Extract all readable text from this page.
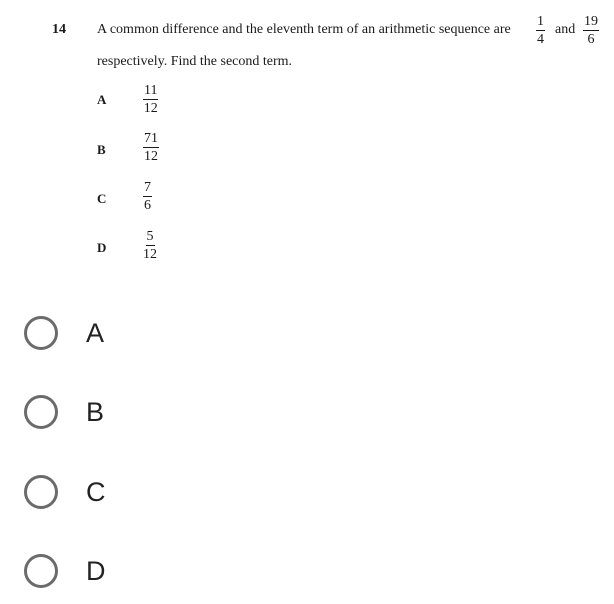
14 A common difference and the eleventh term of an arithmetic sequence are $\frac{1}{4}$ and $\frac{19}{6}$
respectively. Find the second term.
A	$\frac{11}{12}$
B	$\frac{71}{12}$
C	$\frac{7}{6}$
D	$\frac{5}{12}$
A
B
C
D
